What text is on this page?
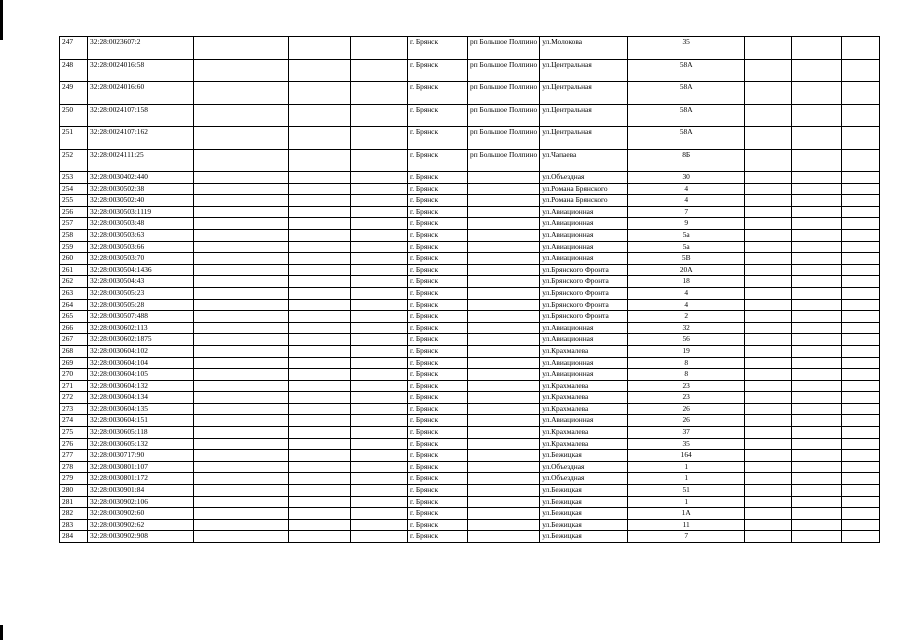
247	32:28:0023607:2				г. Брянск	рп Большое Полпино	ул.Молокова	35			
248	32:28:0024016:58				г. Брянск	рп Большое Полпино	ул.Центральная	58А			
249	32:28:0024016:60				г. Брянск	рп Большое Полпино	ул.Центральная	58А			
250	32:28:0024107:158				г. Брянск	рп Большое Полпино	ул.Центральная	58А			
251	32:28:0024107:162				г. Брянск	рп Большое Полпино	ул.Центральная	58А			
252	32:28:0024111:25				г. Брянск	рп Большое Полпино	ул.Чапаева	8Б			
253	32:28:0030402:440				г. Брянск		ул.Объездная	30			
254	32:28:0030502:38				г. Брянск		ул.Романа Брянского	4			
255	32:28:0030502:40				г. Брянск		ул.Романа Брянского	4			
256	32:28:0030503:1119				г. Брянск		ул.Авиационная	7			
257	32:28:0030503:48				г. Брянск		ул.Авиационная	9			
258	32:28:0030503:63				г. Брянск		ул.Авиационная	5а			
259	32:28:0030503:66				г. Брянск		ул.Авиационная	5а			
260	32:28:0030503:70				г. Брянск		ул.Авиационная	5В			
261	32:28:0030504:1436				г. Брянск		ул.Брянского Фронта	20А			
262	32:28:0030504:43				г. Брянск		ул.Брянского Фронта	18			
263	32:28:0030505:23				г. Брянск		ул.Брянского Фронта	4			
264	32:28:0030505:28				г. Брянск		ул.Брянского Фронта	4			
265	32:28:0030507:488				г. Брянск		ул.Брянского Фронта	2			
266	32:28:0030602:113				г. Брянск		ул.Авиационная	32			
267	32:28:0030602:1875				г. Брянск		ул.Авиационная	56			
268	32:28:0030604:102				г. Брянск		ул.Крахмалева	19			
269	32:28:0030604:104				г. Брянск		ул.Авиационная	8			
270	32:28:0030604:105				г. Брянск		ул.Авиационная	8			
271	32:28:0030604:132				г. Брянск		ул.Крахмалева	23			
272	32:28:0030604:134				г. Брянск		ул.Крахмалева	23			
273	32:28:0030604:135				г. Брянск		ул.Крахмалева	26			
274	32:28:0030604:151				г. Брянск		ул.Авиационная	26			
275	32:28:0030605:118				г. Брянск		ул.Крахмалева	37			
276	32:28:0030605:132				г. Брянск		ул.Крахмалева	35			
277	32:28:0030717:90				г. Брянск		ул.Бежицкая	164			
278	32:28:0030801:107				г. Брянск		ул.Объездная	1			
279	32:28:0030801:172				г. Брянск		ул.Объездная	1			
280	32:28:0030901:84				г. Брянск		ул.Бежицкая	51			
281	32:28:0030902:106				г. Брянск		ул.Бежицкая	1			
282	32:28:0030902:60				г. Брянск		ул.Бежицкая	1А			
283	32:28:0030902:62				г. Брянск		ул.Бежицкая	11			
284	32:28:0030902:908				г. Брянск		ул.Бежицкая	7			
